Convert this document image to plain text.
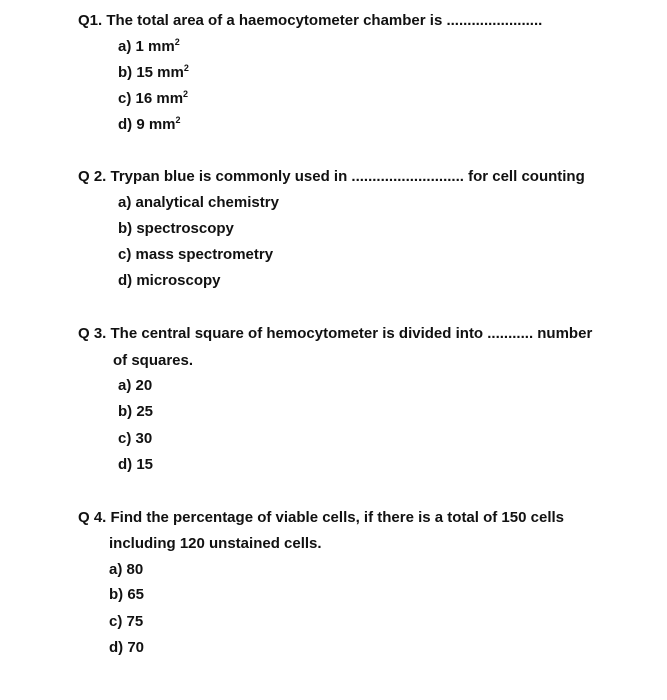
Q1. The total area of a haemocytometer chamber is .......................
a) 1 $mm^2$
b) 15 $mm^2$
c) 16 $mm^2$
d) 9 $mm^2$
Q 2. Trypan blue is commonly used in ........................... for cell counting
a) analytical chemistry
b) spectroscopy
c) mass spectrometry
d) microscopy
Q 3. The central square of hemocytometer is divided into ........... number
of squares.
a) 20
b) 25
c) 30
d) 15
Q 4. Find the percentage of viable cells, if there is a total of 150 cells
including 120 unstained cells.
a) 80
b) 65
c) 75
d) 70
